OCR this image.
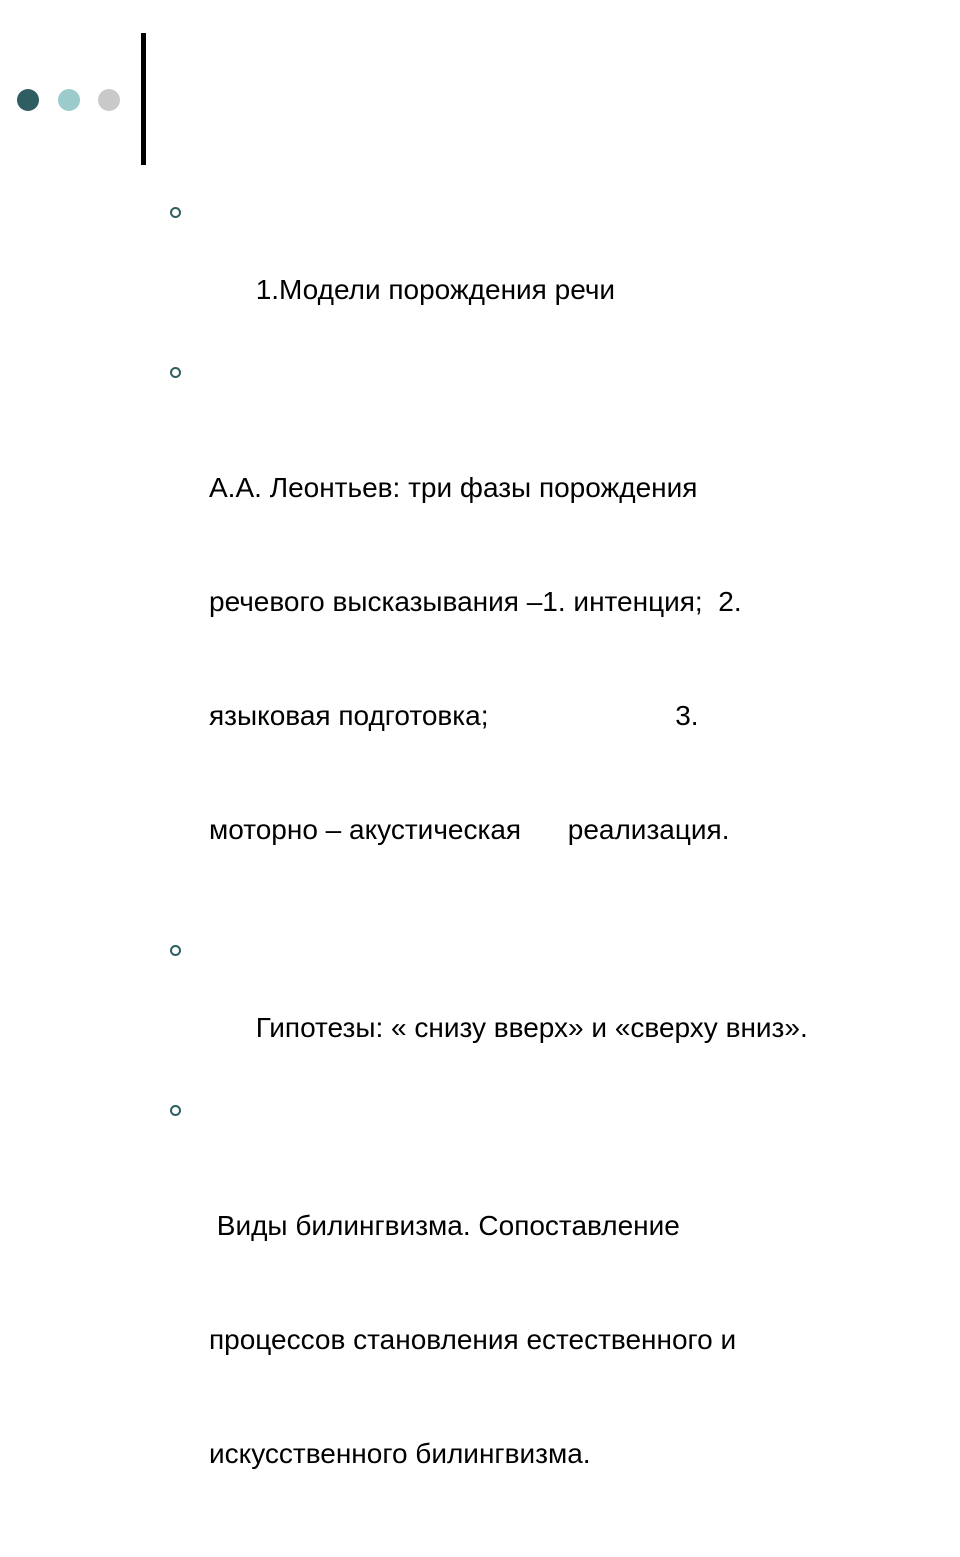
1.Модели порождения речи

А.А. Леонтьев: три фазы порождения

речевого высказывания –1. интенция;  2.

языковая подготовка;                        3.

моторно – акустическая      реализация.

Гипотезы: « снизу вверх» и «сверху вниз».

Виды билингвизма. Сопоставление

процессов становления естественного и

искусственного билингвизма.
